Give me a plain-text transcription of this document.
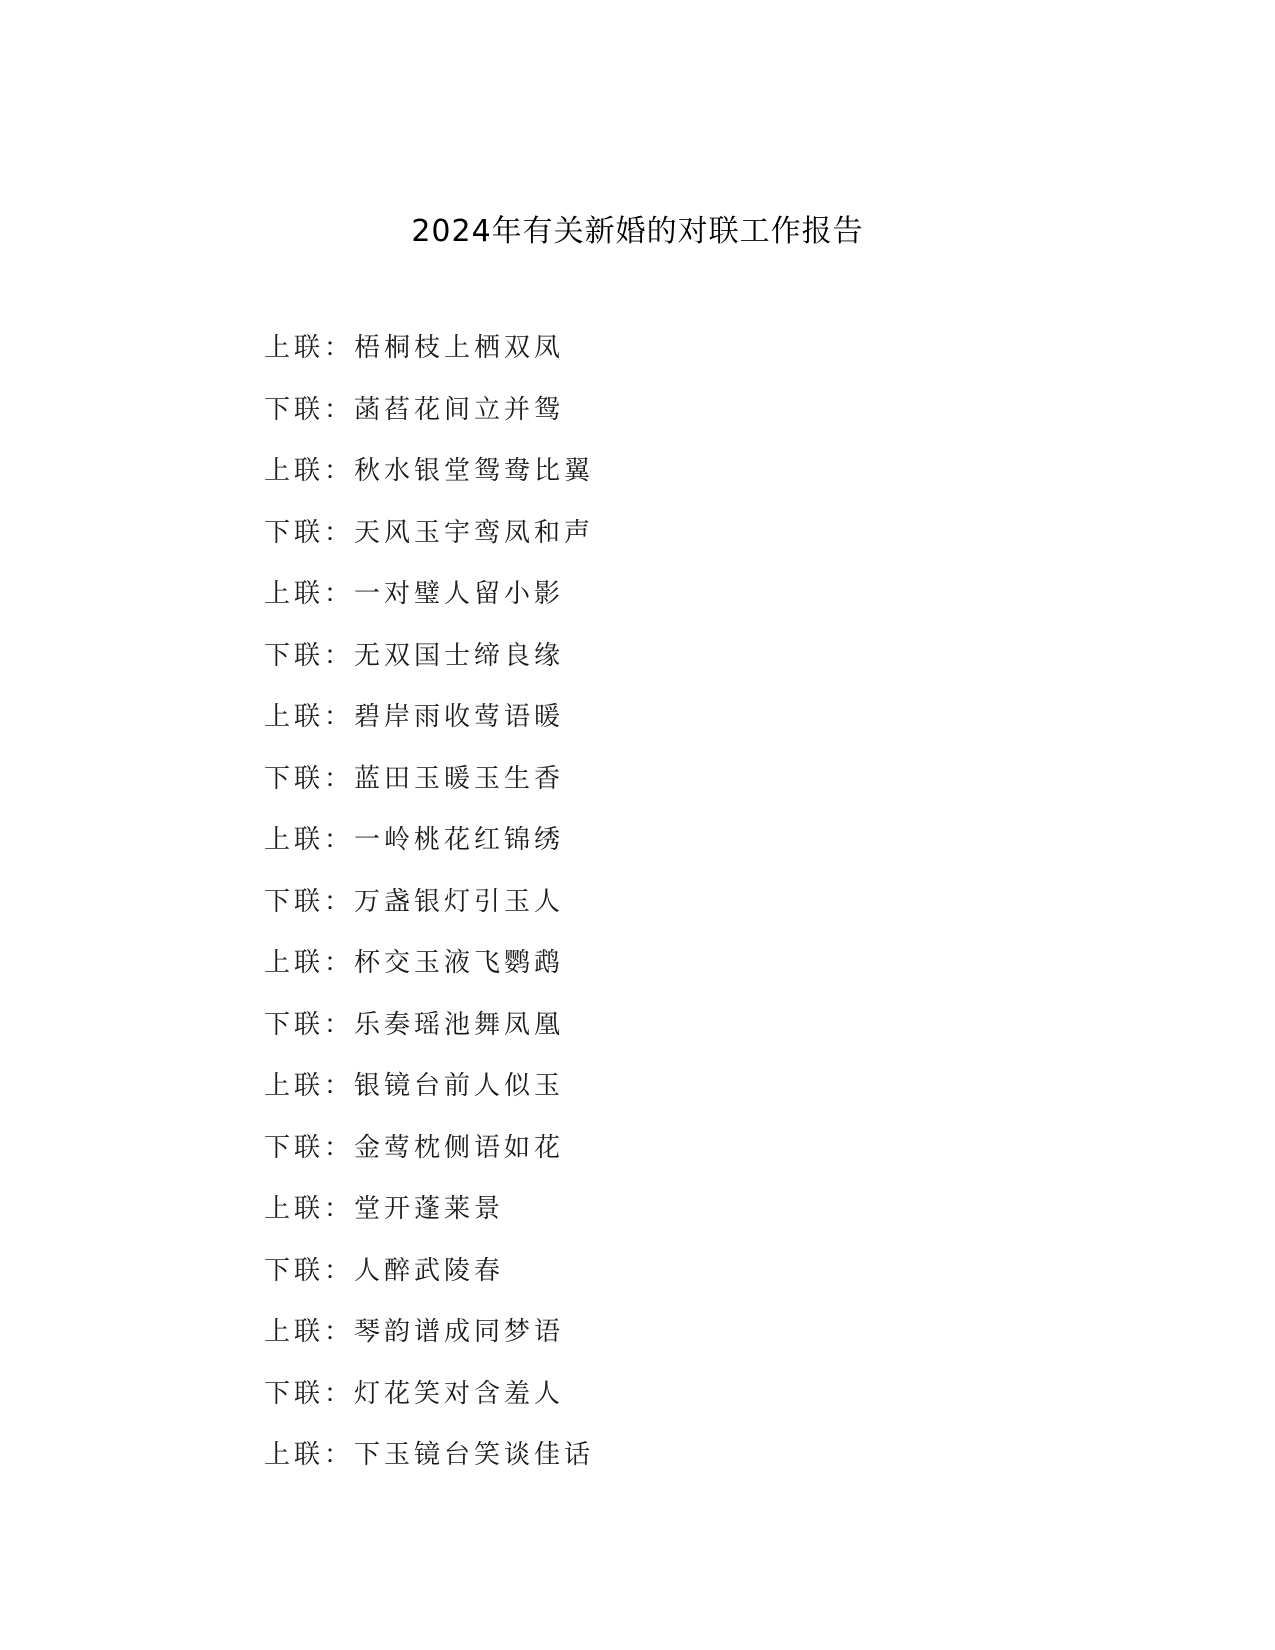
2024年有关新婚的对联工作报告
上联：梧桐枝上栖双凤
下联：菡萏花间立并鸳
上联：秋水银堂鸳鸯比翼
下联：天风玉宇鸾凤和声
上联：一对璧人留小影
下联：无双国士缔良缘
上联：碧岸雨收莺语暖
下联：蓝田玉暖玉生香
上联：一岭桃花红锦绣
下联：万盏银灯引玉人
上联：杯交玉液飞鹦鹉
下联：乐奏瑶池舞凤凰
上联：银镜台前人似玉
下联：金莺枕侧语如花
上联：堂开蓬莱景
下联：人醉武陵春
上联：琴韵谱成同梦语
下联：灯花笑对含羞人
上联：下玉镜台笑谈佳话
